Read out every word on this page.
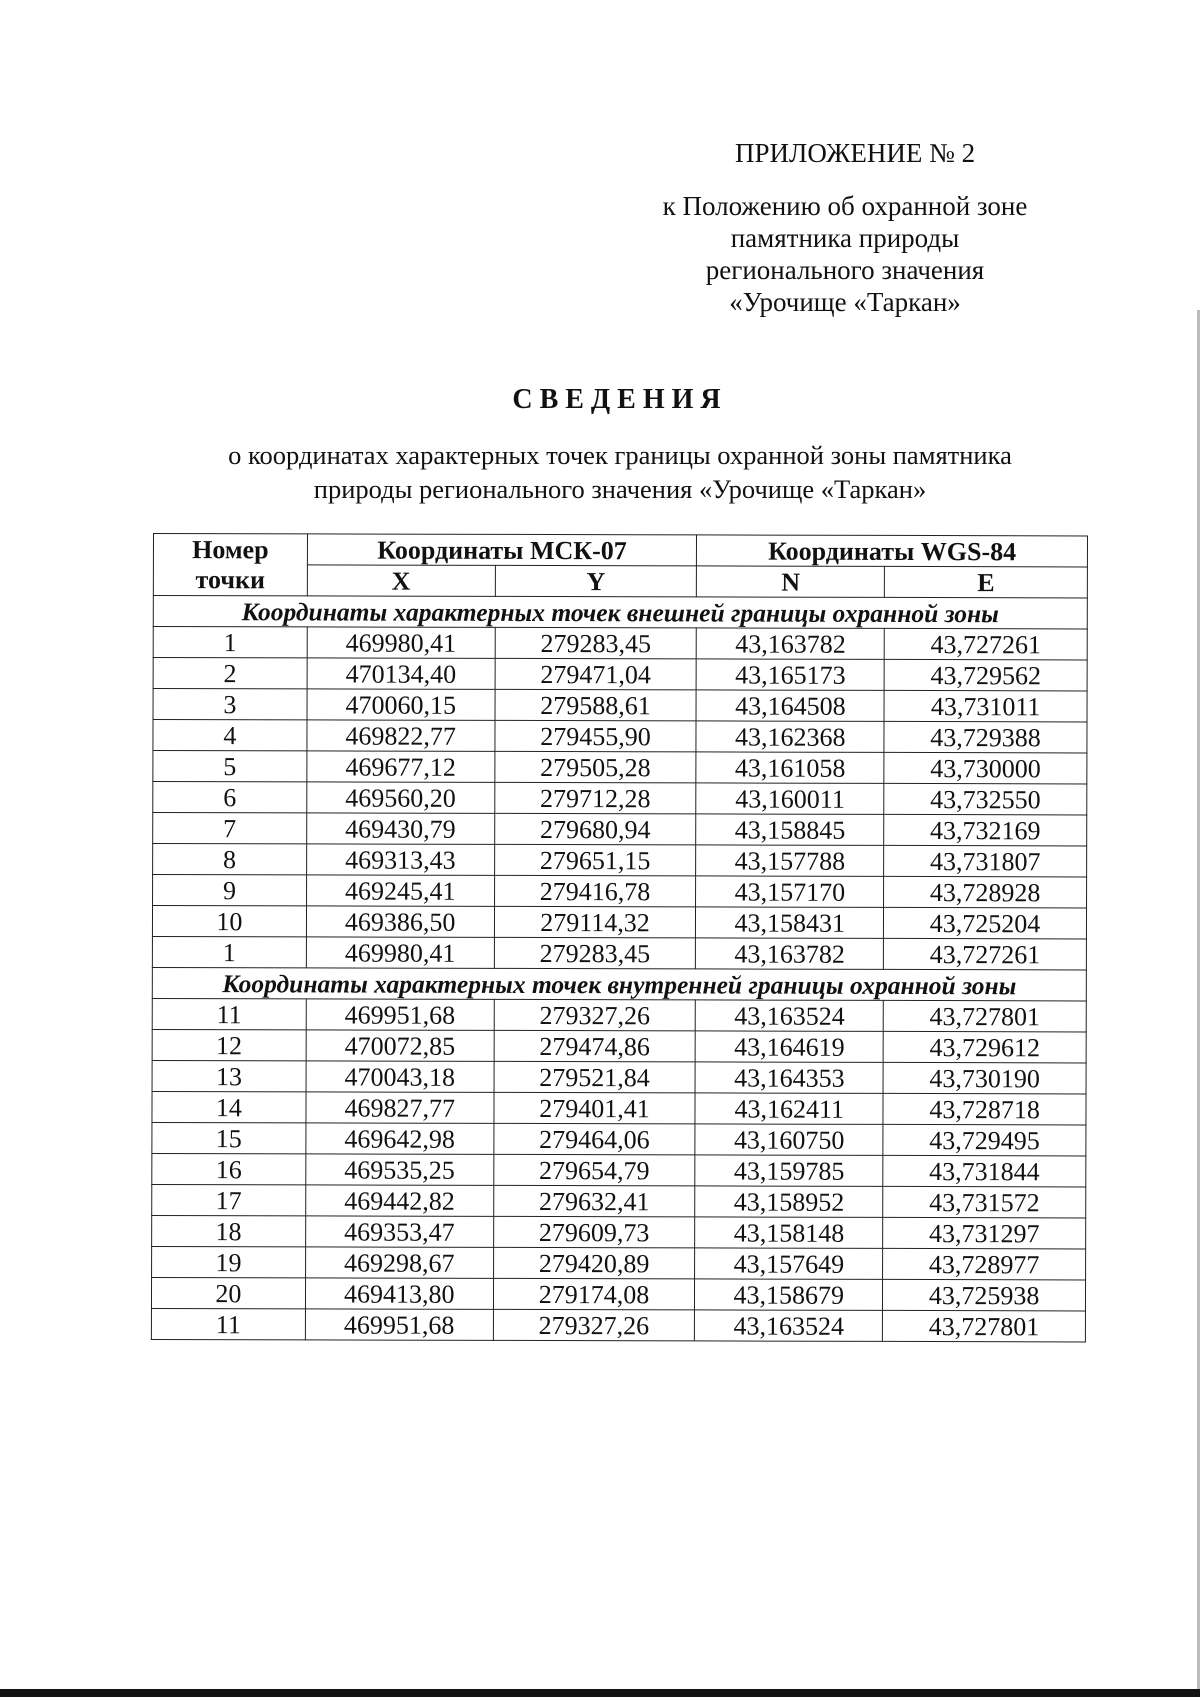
ПРИЛОЖЕНИЕ № 2
к Положению об охранной зоне
памятника природы
регионального значения
«Урочище «Таркан»
СВЕДЕНИЯ
о координатах характерных точек границы охранной зоны памятника
природы регионального значения «Урочище «Таркан»
Номер
точки	Координаты МСК-07		Координаты WGS-84	
	X	Y	N	E
Координаты характерных точек внешней границы охранной зоны				
1	469980,41	279283,45	43,163782	43,727261
2	470134,40	279471,04	43,165173	43,729562
3	470060,15	279588,61	43,164508	43,731011
4	469822,77	279455,90	43,162368	43,729388
5	469677,12	279505,28	43,161058	43,730000
6	469560,20	279712,28	43,160011	43,732550
7	469430,79	279680,94	43,158845	43,732169
8	469313,43	279651,15	43,157788	43,731807
9	469245,41	279416,78	43,157170	43,728928
10	469386,50	279114,32	43,158431	43,725204
1	469980,41	279283,45	43,163782	43,727261
Координаты характерных точек внутренней границы охранной зоны				
11	469951,68	279327,26	43,163524	43,727801
12	470072,85	279474,86	43,164619	43,729612
13	470043,18	279521,84	43,164353	43,730190
14	469827,77	279401,41	43,162411	43,728718
15	469642,98	279464,06	43,160750	43,729495
16	469535,25	279654,79	43,159785	43,731844
17	469442,82	279632,41	43,158952	43,731572
18	469353,47	279609,73	43,158148	43,731297
19	469298,67	279420,89	43,157649	43,728977
20	469413,80	279174,08	43,158679	43,725938
11	469951,68	279327,26	43,163524	43,727801
